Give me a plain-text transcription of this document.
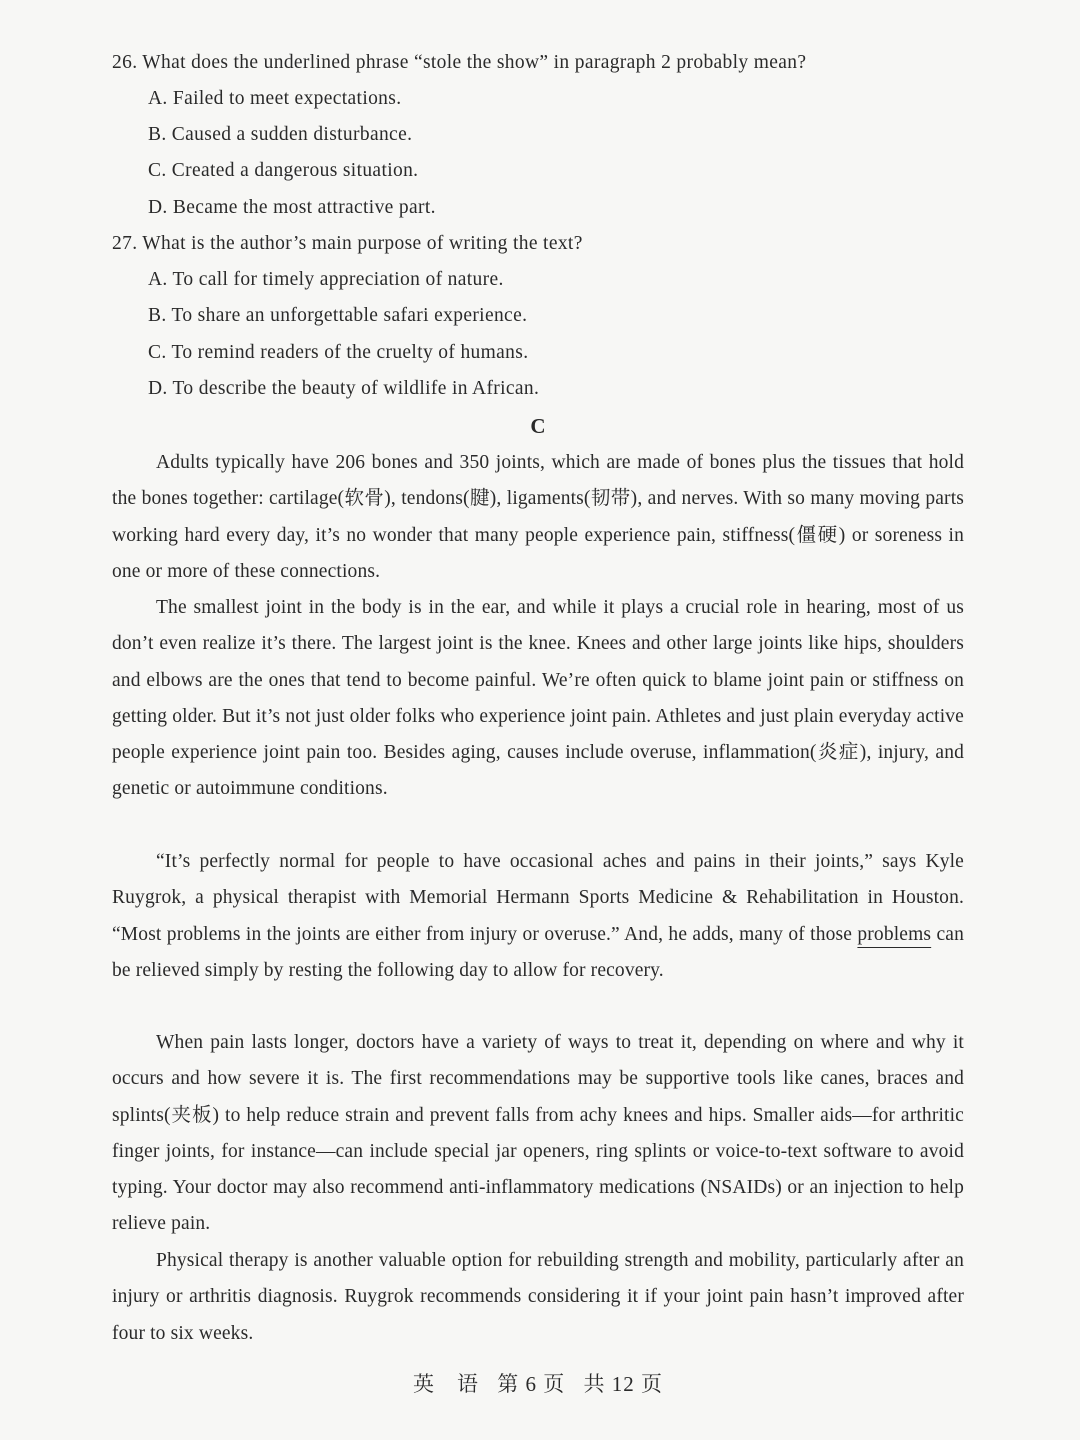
26. What does the underlined phrase “stole the show” in paragraph 2 probably mean?
A. Failed to meet expectations.
B. Caused a sudden disturbance.
C. Created a dangerous situation.
D. Became the most attractive part.
27. What is the author’s main purpose of writing the text?
A. To call for timely appreciation of nature.
B. To share an unforgettable safari experience.
C. To remind readers of the cruelty of humans.
D. To describe the beauty of wildlife in African.
C

Adults typically have 206 bones and 350 joints, which are made of bones plus the tissues that hold the bones together: cartilage(软骨), tendons(腱), ligaments(韧带), and nerves. With so many moving parts working hard every day, it’s no wonder that many people experience pain, stiffness(僵硬) or soreness in one or more of these connections.

The smallest joint in the body is in the ear, and while it plays a crucial role in hearing, most of us don’t even realize it’s there. The largest joint is the knee. Knees and other large joints like hips, shoulders and elbows are the ones that tend to become painful. We’re often quick to blame joint pain or stiffness on getting older. But it’s not just older folks who experience joint pain. Athletes and just plain everyday active people experience joint pain too. Besides aging, causes include overuse, inflammation(炎症), injury, and genetic or autoimmune conditions.

“It’s perfectly normal for people to have occasional aches and pains in their joints,” says Kyle Ruygrok, a physical therapist with Memorial Hermann Sports Medicine & Rehabilitation in Houston. “Most problems in the joints are either from injury or overuse.” And, he adds, many of those problems can be relieved simply by resting the following day to allow for recovery.

When pain lasts longer, doctors have a variety of ways to treat it, depending on where and why it occurs and how severe it is. The first recommendations may be supportive tools like canes, braces and splints(夹板) to help reduce strain and prevent falls from achy knees and hips. Smaller aids—for arthritic finger joints, for instance—can include special jar openers, ring splints or voice-to-text software to avoid typing. Your doctor may also recommend anti-inflammatory medications (NSAIDs) or an injection to help relieve pain.

Physical therapy is another valuable option for rebuilding strength and mobility, particularly after an injury or arthritis diagnosis. Ruygrok recommends considering it if your joint pain hasn’t improved after four to six weeks.

英　语 第 6 页 共 12 页
